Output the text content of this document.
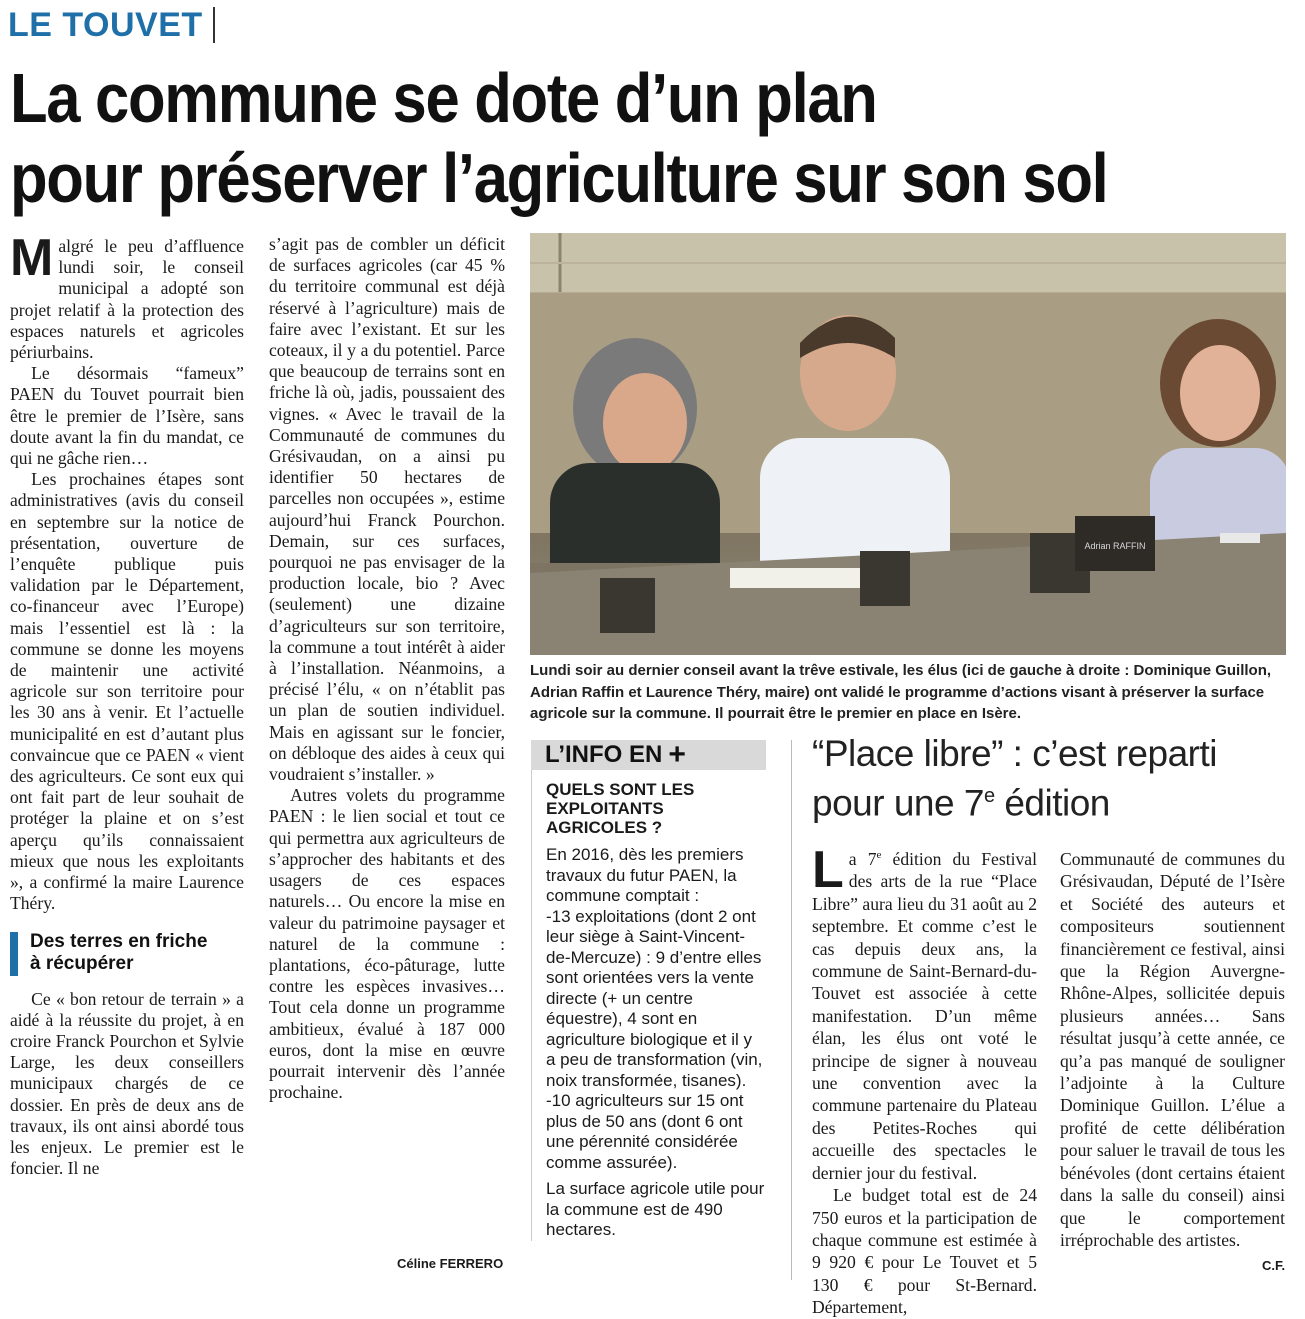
LE TOUVET
La commune se dote d’un plan
pour préserver l’agriculture sur son sol

Malgré le peu d’affluence lundi soir, le conseil municipal a adopté son projet relatif à la protection des espaces naturels et agricoles périurbains.

Le désormais “fameux” PAEN du Touvet pourrait bien être le premier de l’Isère, sans doute avant la fin du mandat, ce qui ne gâche rien…

Les prochaines étapes sont administratives (avis du conseil en septembre sur la notice de présentation, ouverture de l’enquête publique puis validation par le Département, co-financeur avec l’Europe) mais l’essentiel est là : la commune se donne les moyens de maintenir une activité agricole sur son territoire pour les 30 ans à venir. Et l’actuelle municipalité en est d’autant plus convaincue que ce PAEN « vient des agriculteurs. Ce sont eux qui ont fait part de leur souhait de protéger la plaine et on s’est aperçu qu’ils connaissaient mieux que nous les exploitants », a confirmé la maire Laurence Théry.

Des terres en friche
à récupérer

Ce « bon retour de terrain » a aidé à la réussite du projet, à en croire Franck Pourchon et Sylvie Large, les deux conseillers municipaux chargés de ce dossier. En près de deux ans de travaux, ils ont ainsi abordé tous les enjeux. Le premier est le foncier. Il ne

s’agit pas de combler un déficit de surfaces agricoles (car 45 % du territoire communal est déjà réservé à l’agriculture) mais de faire avec l’existant. Et sur les coteaux, il y a du potentiel. Parce que beaucoup de terrains sont en friche là où, jadis, poussaient des vignes. « Avec le travail de la Communauté de communes du Grésivaudan, on a ainsi pu identifier 50 hectares de parcelles non occupées », estime aujourd’hui Franck Pourchon. Demain, sur ces surfaces, pourquoi ne pas envisager de la production locale, bio ? Avec (seulement) une dizaine d’agriculteurs sur son territoire, la commune a tout intérêt à aider à l’installation. Néanmoins, a précisé l’élu, « on n’établit pas un plan de soutien individuel. Mais en agissant sur le foncier, on débloque des aides à ceux qui voudraient s’installer. »

Autres volets du programme PAEN : le lien social et tout ce qui permettra aux agriculteurs de s’approcher des habitants et des usagers de ces espaces naturels… Ou encore la mise en valeur du patrimoine paysager et naturel de la commune : plantations, éco-pâturage, lutte contre les espèces invasives… Tout cela donne un programme ambitieux, évalué à 187 000 euros, dont la mise en œuvre pourrait intervenir dès l’année prochaine.

Céline FERRERO
Adrian RAFFIN
Lundi soir au dernier conseil avant la trêve estivale, les élus (ici de gauche à droite : Dominique Guillon, Adrian Raffin et Laurence Théry, maire) ont validé le programme d’actions visant à préserver la surface agricole sur la commune. Il pourrait être le premier en place en Isère.
L’INFO EN +
QUELS SONT LES EXPLOITANTS AGRICOLES ?

En 2016, dès les premiers travaux du futur PAEN, la commune comptait :

-13 exploitations (dont 2 ont leur siège à Saint-Vincent-de-Mercuze) : 9 d’entre elles sont orientées vers la vente directe (+ un centre équestre), 4 sont en agriculture biologique et il y a peu de transformation (vin, noix transformée, tisanes).

-10 agriculteurs sur 15 ont plus de 50 ans (dont 6 ont une pérennité considérée comme assurée).

La surface agricole utile pour la commune est de 490 hectares.

“Place libre” : c’est reparti
pour une 7e édition

La 7e édition du Festival des arts de la rue “Place Libre” aura lieu du 31 août au 2 septembre. Et comme c’est le cas depuis deux ans, la commune de Saint-Bernard-du-Touvet est associée à cette manifestation. D’un même élan, les élus ont voté le principe de signer à nouveau une convention avec la commune partenaire du Plateau des Petites-Roches qui accueille des spectacles le dernier jour du festival.

Le budget total est de 24 750 euros et la participation de chaque commune est estimée à 9 920 € pour Le Touvet et 5 130 € pour St-Bernard. Département,

Communauté de communes du Grésivaudan, Député de l’Isère et Société des auteurs et compositeurs soutiennent financièrement ce festival, ainsi que la Région Auvergne-Rhône-Alpes, sollicitée depuis plusieurs années… Sans résultat jusqu’à cette année, ce qu’a pas manqué de souligner l’adjointe à la Culture Dominique Guillon. L’élue a profité de cette délibération pour saluer le travail de tous les bénévoles (dont certains étaient dans la salle du conseil) ainsi que le comportement irréprochable des artistes.

C.F.
